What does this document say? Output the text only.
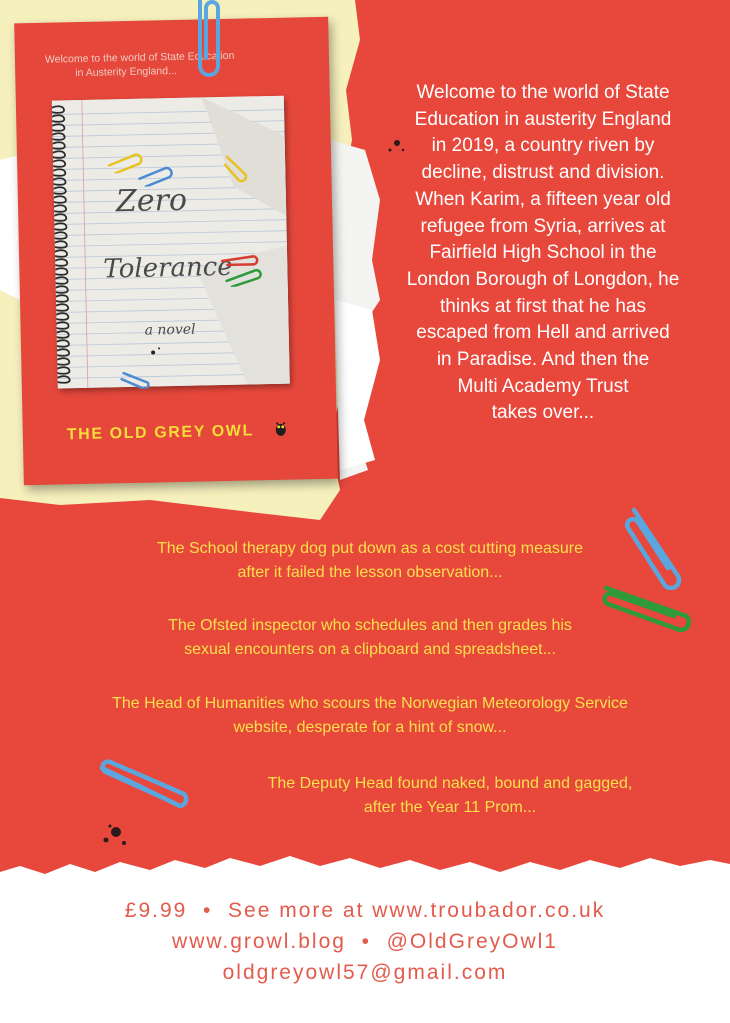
Welcome to the world of State Education
in Austerity England...
Zero
Tolerance
a novel
THE OLD GREY OWL
Welcome to the world of State
Education in austerity England
in 2019, a country riven by
decline, distrust and division.
When Karim, a fifteen year old
refugee from Syria, arrives at
Fairfield High School in the
London Borough of Longdon, he
thinks at first that he has
escaped from Hell and arrived
in Paradise. And then the
Multi Academy Trust
takes over...
The School therapy dog put down as a cost cutting measure
after it failed the lesson observation...
The Ofsted inspector who schedules and then grades his
sexual encounters on a clipboard and spreadsheet...
The Head of Humanities who scours the Norwegian Meteorology Service
website, desperate for a hint of snow...
The Deputy Head found naked, bound and gagged,
after the Year 11 Prom...
£9.99  •  See more at www.troubador.co.uk
www.growl.blog  •  @OldGreyOwl1
oldgreyowl57@gmail.com
